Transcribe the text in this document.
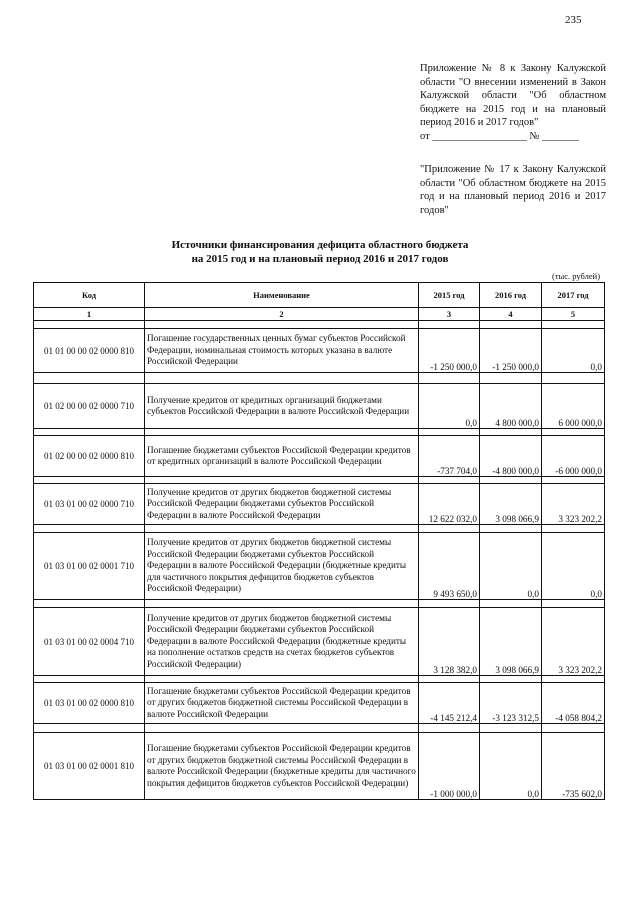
235

Приложение № 8 к Закону Калужской области "О внесении изменений в Закон Калужской области "Об областном бюджете на 2015 год и на плановый период 2016 и 2017 годов"

от __________________ № _______

"Приложение № 17 к Закону Калужской области "Об областном бюджете на 2015 год и на плановый период 2016 и 2017 годов"

Источники финансирования дефицита областного бюджета

на 2015 год и на плановый период 2016 и 2017 годов

(тыс. рублей)
Код	Наименование	2015 год	2016 год	2017 год
1	2	3	4	5

01 01 00 00 02 0000 810	Погашение государственных ценных бумаг субъектов Российской Федерации, номинальная стоимость которых указана в валюте Российской Федерации	-1 250 000,0	-1 250 000,0	0,0

01 02 00 00 02 0000 710	Получение кредитов от кредитных организаций бюджетами субъектов Российской Федерации в валюте Российской Федерации	0,0	4 800 000,0	6 000 000,0

01 02 00 00 02 0000 810	Погашение бюджетами субъектов Российской Федерации кредитов от кредитных организаций в валюте Российской Федерации	-737 704,0	-4 800 000,0	-6 000 000,0

01 03 01 00 02 0000 710	Получение кредитов от других бюджетов бюджетной системы Российской Федерации бюджетами субъектов Российской Федерации в валюте Российской Федерации	12 622 032,0	3 098 066,9	3 323 202,2

01 03 01 00 02 0001 710	Получение кредитов от других бюджетов бюджетной системы Российской Федерации бюджетами субъектов Российской Федерации в валюте Российской Федерации (бюджетные кредиты для частичного покрытия дефицитов бюджетов субъектов Российской Федерации)	9 493 650,0	0,0	0,0

01 03 01 00 02 0004 710	Получение кредитов от других бюджетов бюджетной системы Российской Федерации бюджетами субъектов Российской Федерации в валюте Российской Федерации (бюджетные кредиты на пополнение остатков средств на счетах бюджетов субъектов Российской Федерации)	3 128 382,0	3 098 066,9	3 323 202,2

01 03 01 00 02 0000 810	Погашение бюджетами субъектов Российской Федерации кредитов от других бюджетов бюджетной системы Российской Федерации в валюте Российской Федерации	-4 145 212,4	-3 123 312,5	-4 058 804,2

01 03 01 00 02 0001 810	Погашение бюджетами субъектов Российской Федерации кредитов от других бюджетов бюджетной системы Российской Федерации в валюте Российской Федерации (бюджетные кредиты для частичного покрытия дефицитов бюджетов субъектов Российской Федерации)	-1 000 000,0	0,0	-735 602,0
